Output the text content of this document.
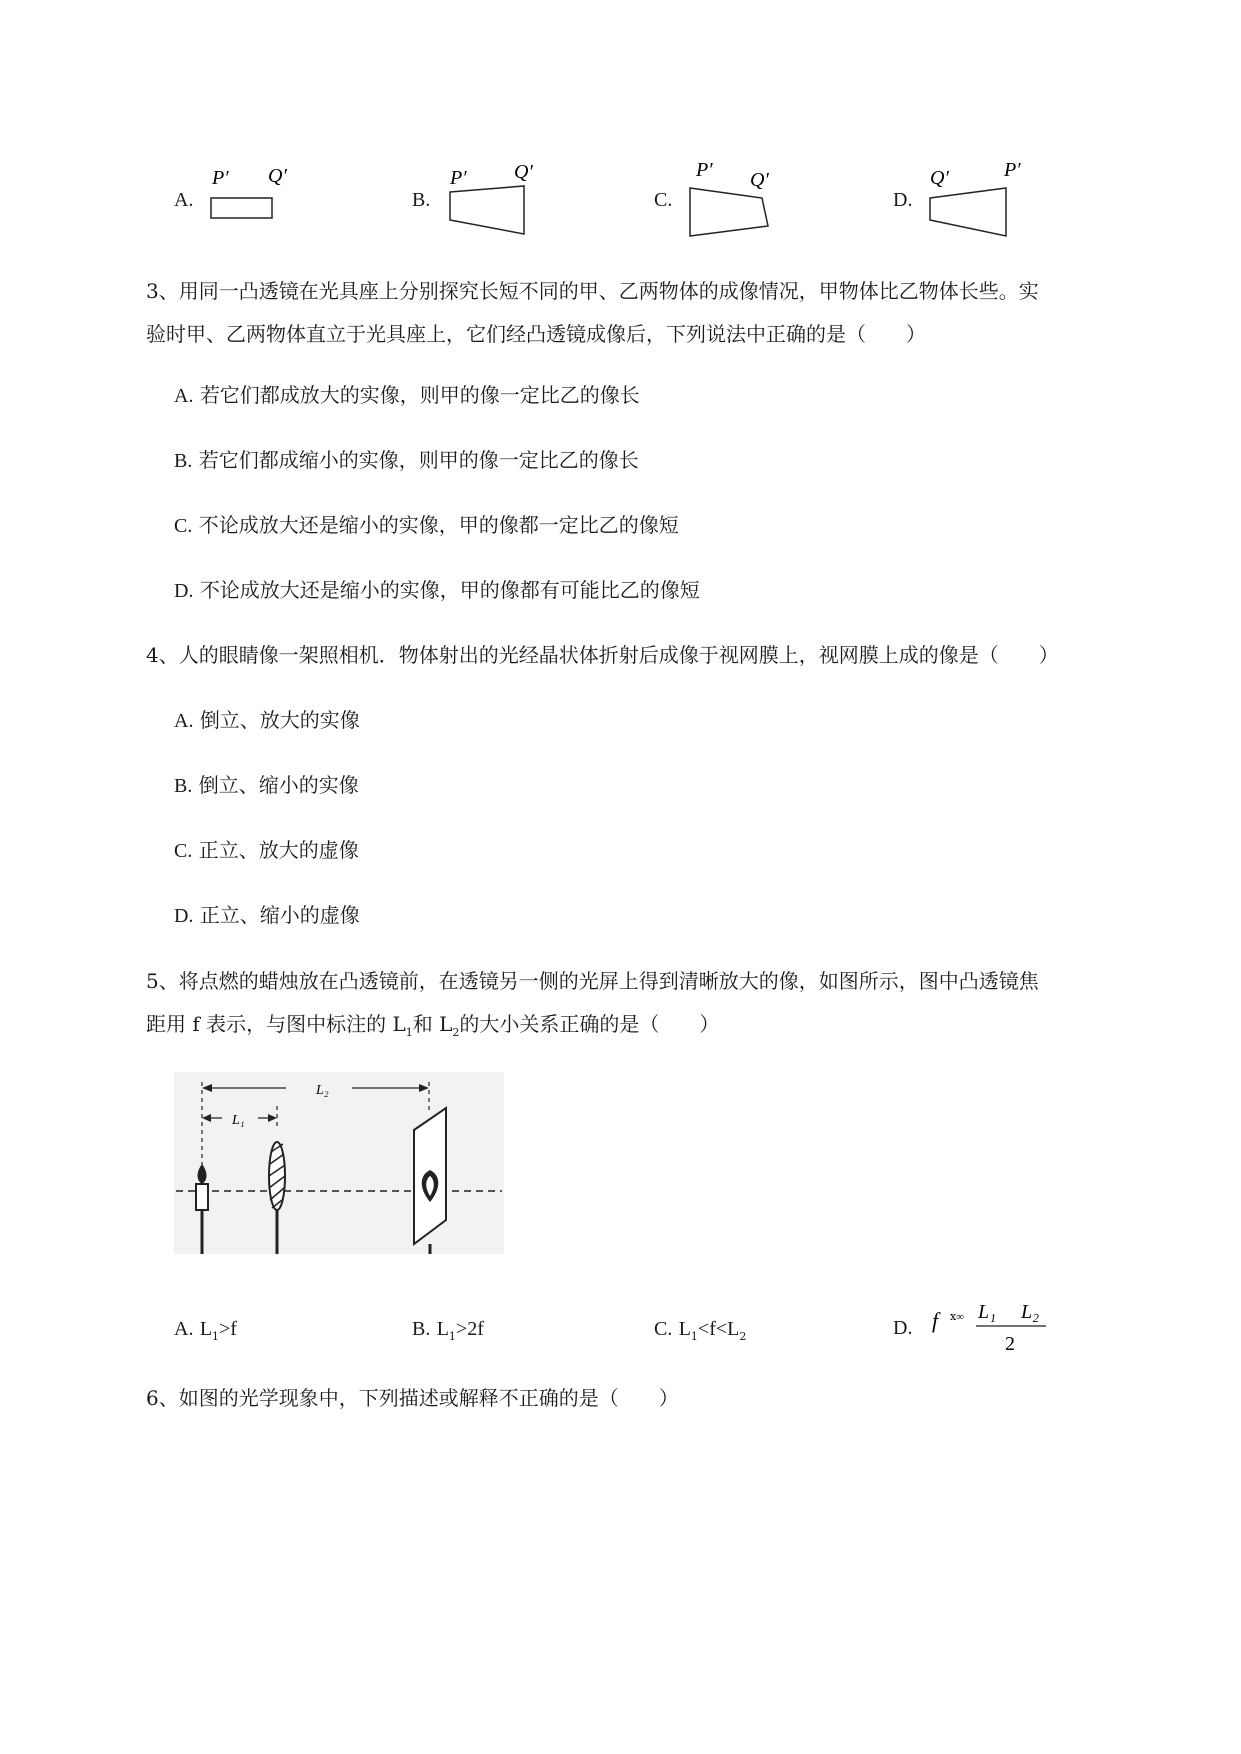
A.
P′ Q′
B.
P′ Q′
C.
P′ Q′
D.
Q′	P′
3、用同一凸透镜在光具座上分别探究长短不同的甲、乙两物体的成像情况，甲物体比乙物体长些。实
验时甲、乙两物体直立于光具座上，它们经凸透镜成像后，下列说法中正确的是（　　）
A. 若它们都成放大的实像，则甲的像一定比乙的像长
B. 若它们都成缩小的实像，则甲的像一定比乙的像长
C. 不论成放大还是缩小的实像，甲的像都一定比乙的像短
D. 不论成放大还是缩小的实像，甲的像都有可能比乙的像短
4、人的眼睛像一架照相机．物体射出的光经晶状体折射后成像于视网膜上，视网膜上成的像是（　　）
A. 倒立、放大的实像
B. 倒立、缩小的实像
C. 正立、放大的虚像
D. 正立、缩小的虚像
5、将点燃的蜡烛放在凸透镜前，在透镜另一侧的光屏上得到清晰放大的像，如图所示，图中凸透镜焦
距用 f 表示，与图中标注的 $L_1$和 $L_2$的大小关系正确的是（　　）
L₂
L₁
A. $L_1>f$	B. $L_1>2f$	C. $L_1<f<L_2$	D. f ⅹ∞ L₁ L₂
2
6、如图的光学现象中，下列描述或解释不正确的是（　　）
